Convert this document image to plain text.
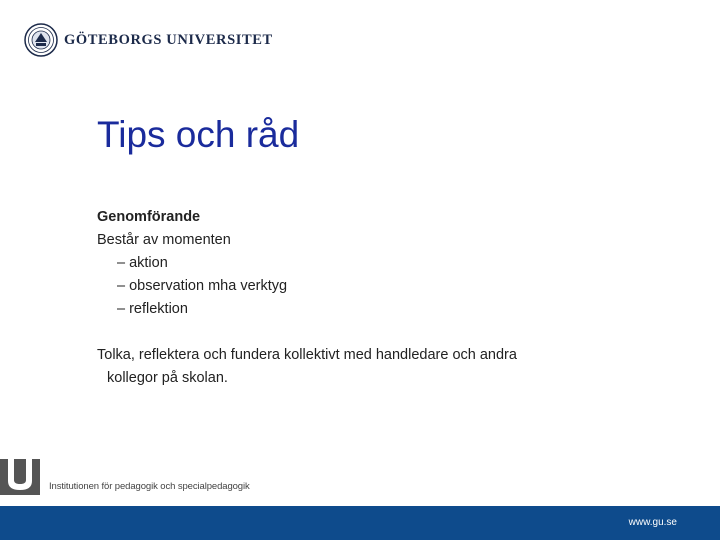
GÖTEBORGS UNIVERSITET
Tips och råd
Genomförande
Består av momenten
– aktion
– observation mha verktyg
– reflektion
Tolka, reflektera och fundera kollektivt med handledare och andra
kollegor på skolan.
Institutionen för pedagogik och specialpedagogik
www.gu.se
